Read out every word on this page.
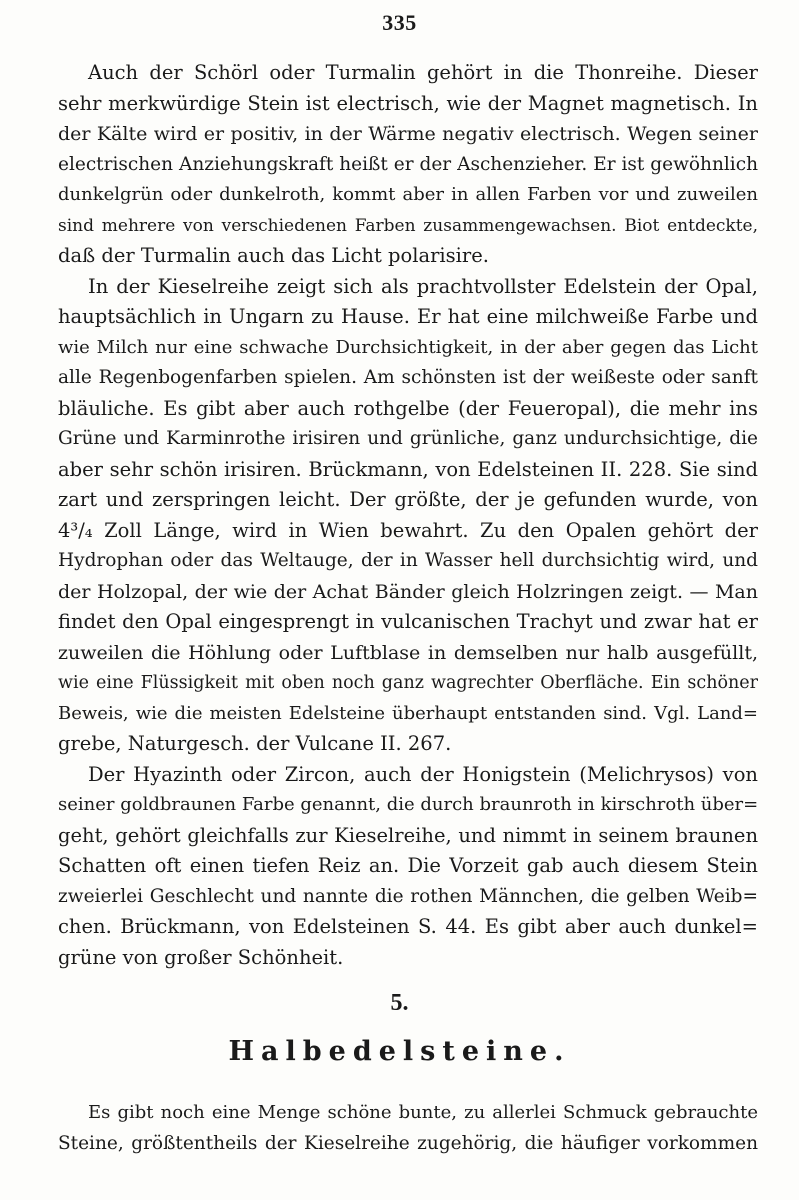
335
Auch der Schörl oder Turmalin gehört in die Thonreihe. Dieser
sehr merkwürdige Stein ist electrisch, wie der Magnet magnetisch. In
der Kälte wird er positiv, in der Wärme negativ electrisch. Wegen seiner
electrischen Anziehungskraft heißt er der Aschenzieher. Er ist gewöhnlich
dunkelgrün oder dunkelroth, kommt aber in allen Farben vor und zuweilen
sind mehrere von verschiedenen Farben zusammengewachsen. Biot entdeckte,
daß der Turmalin auch das Licht polarisire.
In der Kieselreihe zeigt sich als prachtvollster Edelstein der Opal,
hauptsächlich in Ungarn zu Hause. Er hat eine milchweiße Farbe und
wie Milch nur eine schwache Durchsichtigkeit, in der aber gegen das Licht
alle Regenbogenfarben spielen. Am schönsten ist der weißeste oder sanft
bläuliche. Es gibt aber auch rothgelbe (der Feueropal), die mehr ins
Grüne und Karminrothe irisiren und grünliche, ganz undurchsichtige, die
aber sehr schön irisiren. Brückmann, von Edelsteinen II. 228. Sie sind
zart und zerspringen leicht. Der größte, der je gefunden wurde, von
4³/₄ Zoll Länge, wird in Wien bewahrt. Zu den Opalen gehört der
Hydrophan oder das Weltauge, der in Wasser hell durchsichtig wird, und
der Holzopal, der wie der Achat Bänder gleich Holzringen zeigt. — Man
findet den Opal eingesprengt in vulcanischen Trachyt und zwar hat er
zuweilen die Höhlung oder Luftblase in demselben nur halb ausgefüllt,
wie eine Flüssigkeit mit oben noch ganz wagrechter Oberfläche. Ein schöner
Beweis, wie die meisten Edelsteine überhaupt entstanden sind. Vgl. Land=
grebe, Naturgesch. der Vulcane II. 267.
Der Hyazinth oder Zircon, auch der Honigstein (Melichrysos) von
seiner goldbraunen Farbe genannt, die durch braunroth in kirschroth über=
geht, gehört gleichfalls zur Kieselreihe, und nimmt in seinem braunen
Schatten oft einen tiefen Reiz an. Die Vorzeit gab auch diesem Stein
zweierlei Geschlecht und nannte die rothen Männchen, die gelben Weib=
chen. Brückmann, von Edelsteinen S. 44. Es gibt aber auch dunkel=
grüne von großer Schönheit.
5.
Halbedelsteine.
Es gibt noch eine Menge schöne bunte, zu allerlei Schmuck gebrauchte
Steine, größtentheils der Kieselreihe zugehörig, die häufiger vorkommen
